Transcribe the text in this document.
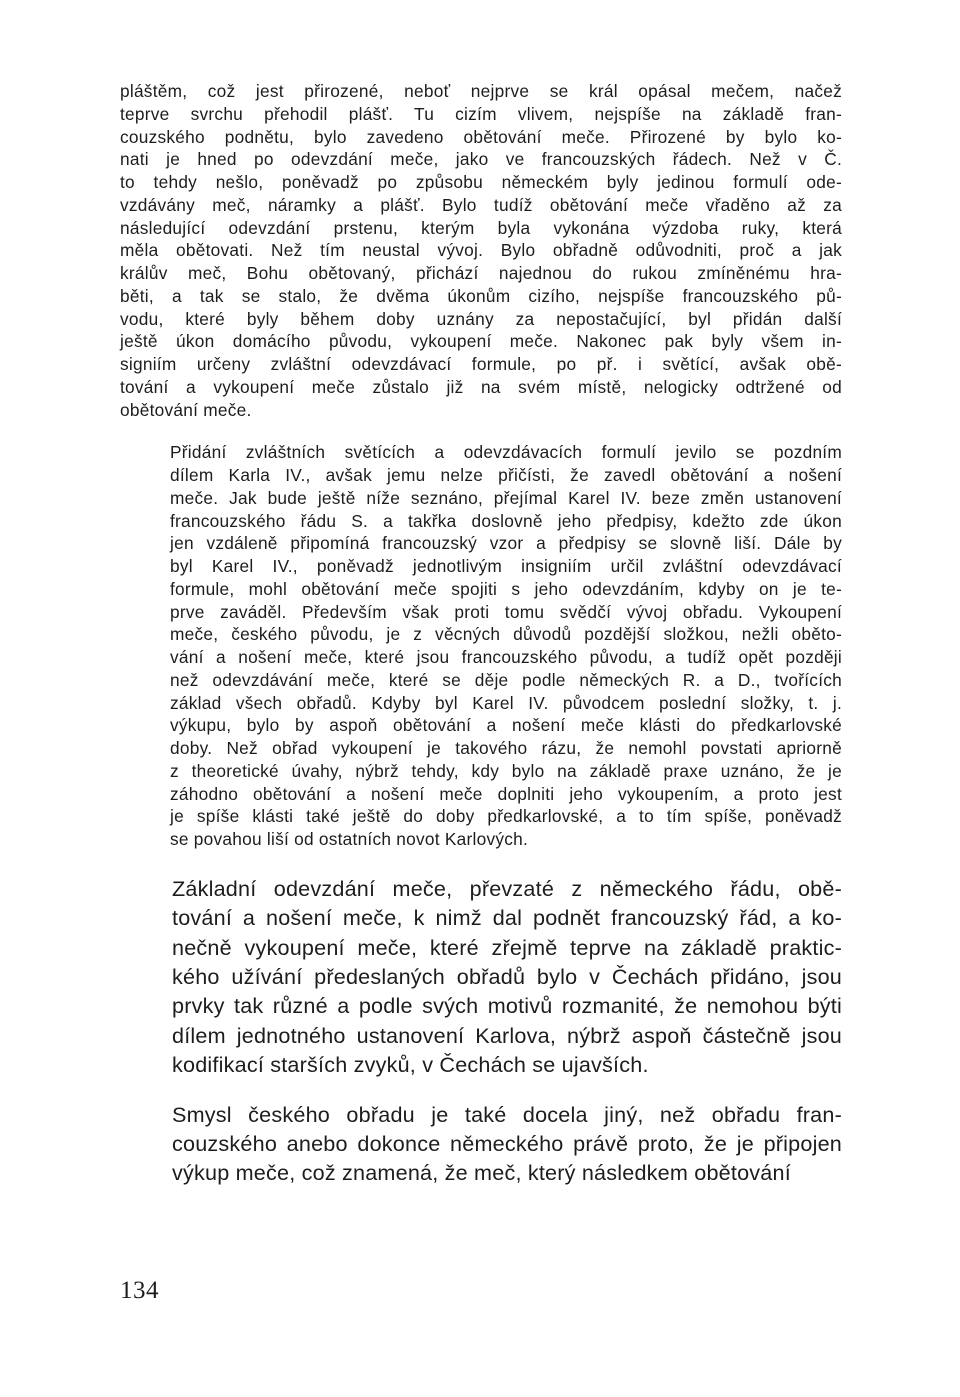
pláštěm, což jest přirozené, neboť nejprve se král opásal mečem, načež
teprve svrchu přehodil plášť. Tu cizím vlivem, nejspíše na základě fran-
couzského podnětu, bylo zavedeno obětování meče. Přirozené by bylo ko-
nati je hned po odevzdání meče, jako ve francouzských řádech. Než v Č.
to tehdy nešlo, poněvadž po způsobu německém byly jedinou formulí ode-
vzdávány meč, náramky a plášť. Bylo tudíž obětování meče vřaděno až za
následující odevzdání prstenu, kterým byla vykonána výzdoba ruky, která
měla obětovati. Než tím neustal vývoj. Bylo obřadně odůvodniti, proč a jak
králův meč, Bohu obětovaný, přichází najednou do rukou zmíněnému hra-
běti, a tak se stalo, že dvěma úkonům cizího, nejspíše francouzského pů-
vodu, které byly během doby uznány za nepostačující, byl přidán další
ještě úkon domácího původu, vykoupení meče. Nakonec pak byly všem in-
signiím určeny zvláštní odevzdávací formule, po př. i světící, avšak obě-
tování a vykoupení meče zůstalo již na svém místě, nelogicky odtržené od
obětování meče.

Přidání zvláštních světících a odevzdávacích formulí jevilo se pozdním
dílem Karla IV., avšak jemu nelze přičísti, že zavedl obětování a nošení
meče. Jak bude ještě níže seznáno, přejímal Karel IV. beze změn ustanovení
francouzského řádu S. a takřka doslovně jeho předpisy, kdežto zde úkon
jen vzdáleně připomíná francouzský vzor a předpisy se slovně liší. Dále by
byl Karel IV., poněvadž jednotlivým insigniím určil zvláštní odevzdávací
formule, mohl obětování meče spojiti s jeho odevzdáním, kdyby on je te-
prve zaváděl. Především však proti tomu svědčí vývoj obřadu. Vykoupení
meče, českého původu, je z věcných důvodů pozdější složkou, nežli obětо-
vání a nošení meče, které jsou francouzského původu, a tudíž opět později
než odevzdávání meče, které se děje podle německých R. a D., tvořících
základ všech obřadů. Kdyby byl Karel IV. původcem poslední složky, t. j.
výkupu, bylo by aspoň obětování a nošení meče klásti do předkarlovské
doby. Než obřad vykoupení je takového rázu, že nemohl povstati apriorně
z theoretické úvahy, nýbrž tehdy, kdy bylo na základě praxe uznáno, že je
záhodno obětování a nošení meče doplniti jeho vykoupením, a proto jest
je spíše klásti také ještě do doby předkarlovské, a to tím spíše, poněvadž
se povahou liší od ostatních novot Karlových.

Základní odevzdání meče, převzaté z německého řádu, obě-
tování a nošení meče, k nimž dal podnět francouzský řád, a ko-
nečně vykoupení meče, které zřejmě teprve na základě praktic-
kého užívání předeslaných obřadů bylo v Čechách přidáno, jsou
prvky tak různé a podle svých motivů rozmanité, že nemohou býti
dílem jednotného ustanovení Karlova, nýbrž aspoň částečně jsou
kodifikací starších zvyků, v Čechách se ujavších.

Smysl českého obřadu je také docela jiný, než obřadu fran-
couzského anebo dokonce německého právě proto, že je připojen
výkup meče, což znamená, že meč, který následkem obětování

134
